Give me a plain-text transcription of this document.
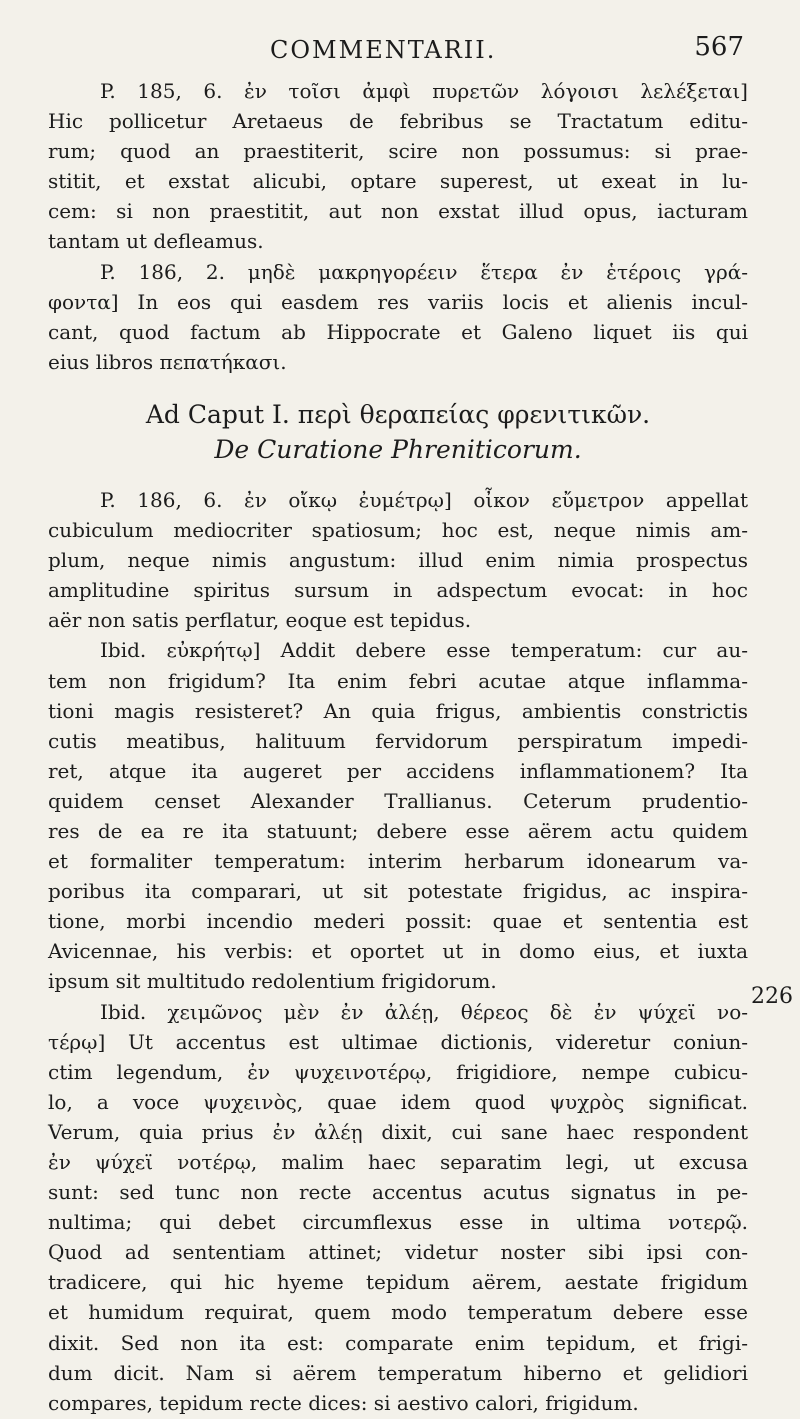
COMMENTARII.	567

P. 185, 6. ἐν τοῖσι ἀμφὶ πυρετῶν λόγοισι λελέξεται]
Hic pollicetur Aretaeus de febribus se Tractatum editu-
rum; quod an praestiterit, scire non possumus: si prae-
stitit, et exstat alicubi, optare superest, ut exeat in lu-
cem: si non praestitit, aut non exstat illud opus, iacturam
tantam ut defleamus.

P. 186, 2. μηδὲ μακρηγορέειν ἕτερα ἐν ἑτέροις γρά-
φοντα] In eos qui easdem res variis locis et alienis incul-
cant, quod factum ab Hippocrate et Galeno liquet iis qui
eius libros πεπατήκασι.

Ad Caput I. περὶ θεραπείας φρενιτικῶν.
De Curatione Phreniticorum.

P. 186, 6. ἐν οἴκῳ ἐυμέτρῳ] οἶκον εὔμετρον appellat
cubiculum mediocriter spatiosum; hoc est, neque nimis am-
plum, neque nimis angustum: illud enim nimia prospectus
amplitudine spiritus sursum in adspectum evocat: in hoc
aër non satis perflatur, eoque est tepidus.

Ibid. εὐκρήτῳ] Addit debere esse temperatum: cur au-
tem non frigidum? Ita enim febri acutae atque inflamma-
tioni magis resisteret? An quia frigus, ambientis constrictis
cutis meatibus, halituum fervidorum perspiratum impedi-
ret, atque ita augeret per accidens inflammationem? Ita
quidem censet Alexander Trallianus. Ceterum prudentio-
res de ea re ita statuunt; debere esse aërem actu quidem
et formaliter temperatum: interim herbarum idonearum va-
poribus ita comparari, ut sit potestate frigidus, ac inspira-
tione, morbi incendio mederi possit: quae et sententia est
Avicennae, his verbis: et oportet ut in domo eius, et iuxta
ipsum sit multitudo redolentium frigidorum.

Ibid. χειμῶνος μὲν ἐν ἀλέῃ, θέρεος δὲ ἐν ψύχεϊ νο-
τέρῳ] Ut accentus est ultimae dictionis, videretur coniun-
ctim legendum, ἐν ψυχεινοτέρῳ, frigidiore, nempe cubicu-
lo, a voce ψυχεινὸς, quae idem quod ψυχρὸς significat.
Verum, quia prius ἐν ἀλέῃ dixit, cui sane haec respondent
ἐν ψύχεϊ νοτέρῳ, malim haec separatim legi, ut excusa
sunt: sed tunc non recte accentus acutus signatus in pe-
nultima; qui debet circumflexus esse in ultima νοτερῷ.
Quod ad sententiam attinet; videtur noster sibi ipsi con-
tradicere, qui hic hyeme tepidum aërem, aestate frigidum
et humidum requirat, quem modo temperatum debere esse
dixit. Sed non ita est: comparate enim tepidum, et frigi-
dum dicit. Nam si aërem temperatum hiberno et gelidiori
compares, tepidum recte dices: si aestivo calori, frigidum.

226
